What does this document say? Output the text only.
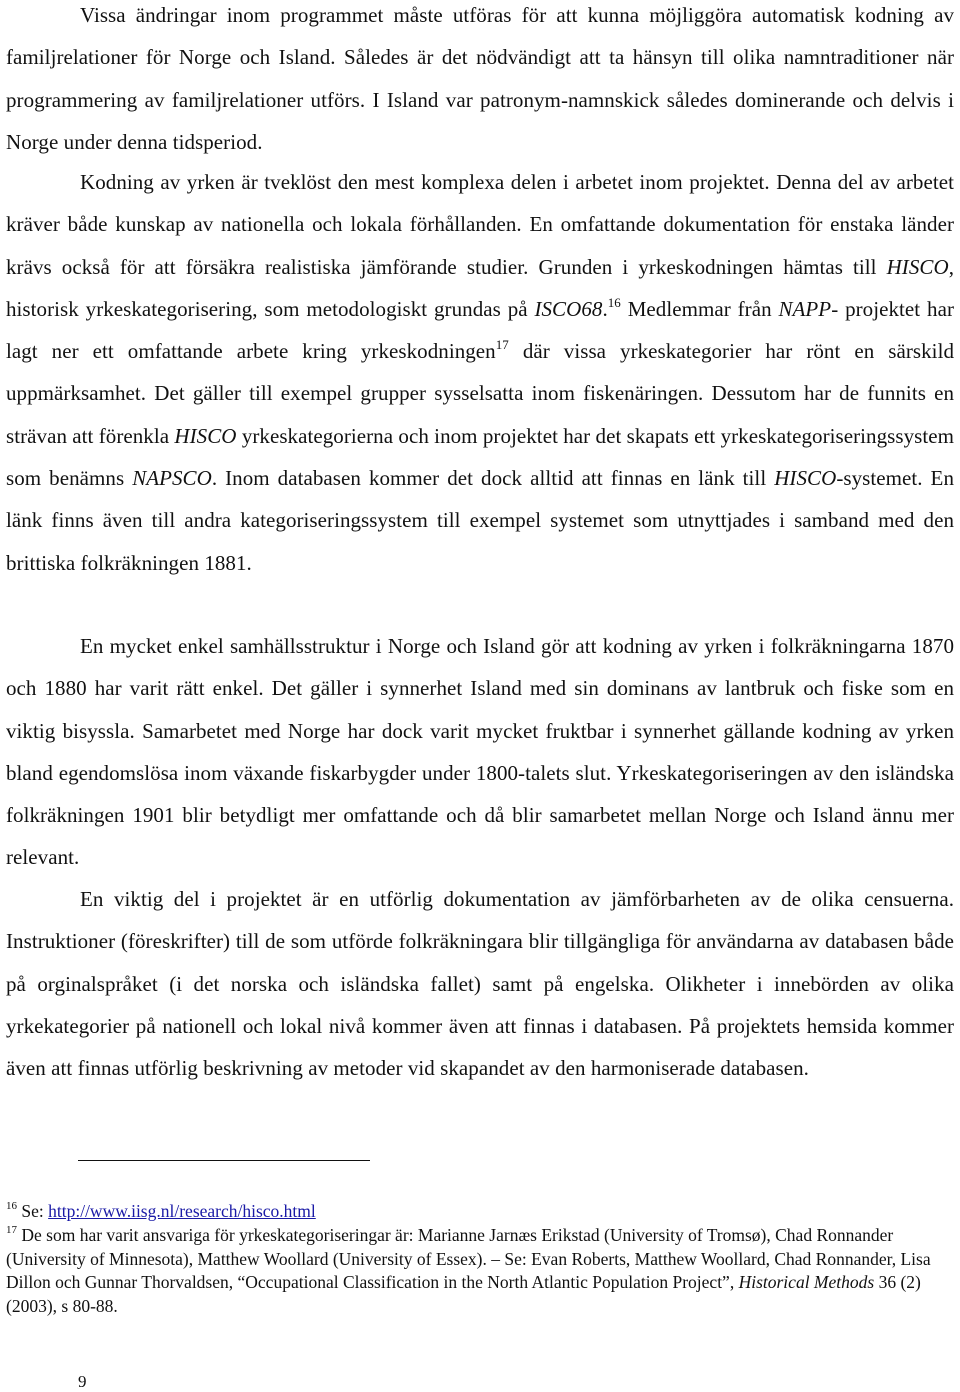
Vissa ändringar inom programmet måste utföras för att kunna möjliggöra automatisk kodning av familjrelationer för Norge och Island. Således är det nödvändigt att ta hänsyn till olika namntraditioner när programmering av familjrelationer utförs. I Island var patronym-namnskick således dominerande och delvis i Norge under denna tidsperiod.

Kodning av yrken är tveklöst den mest komplexa delen i arbetet inom projektet. Denna del av arbetet kräver både kunskap av nationella och lokala förhållanden. En omfattande dokumentation för enstaka länder krävs också för att försäkra realistiska jämförande studier. Grunden i yrkeskodningen hämtas till HISCO, historisk yrkeskategorisering, som metodologiskt grundas på ISCO68.16 Medlemmar från NAPP- projektet har lagt ner ett omfattande arbete kring yrkeskodningen$^{17}$ där vissa yrkeskategorier har rönt en särskild uppmärksamhet. Det gäller till exempel grupper sysselsatta inom fiskenäringen. Dessutom har de funnits en strävan att förenkla HISCO yrkeskategorierna och inom projektet har det skapats ett yrkeskategoriseringssystem som benämns NAPSCO. Inom databasen kommer det dock alltid att finnas en länk till HISCO-systemet. En länk finns även till andra kategoriseringssystem till exempel systemet som utnyttjades i samband med den brittiska folkräkningen 1881.

En mycket enkel samhällsstruktur i Norge och Island gör att kodning av yrken i folkräkningarna 1870 och 1880 har varit rätt enkel. Det gäller i synnerhet Island med sin dominans av lantbruk och fiske som en viktig bisyssla. Samarbetet med Norge har dock varit mycket fruktbar i synnerhet gällande kodning av yrken bland egendomslösa inom växande fiskarbygder under 1800-talets slut. Yrkeskategoriseringen av den isländska folkräkningen 1901 blir betydligt mer omfattande och då blir samarbetet mellan Norge och Island ännu mer relevant.

En viktig del i projektet är en utförlig dokumentation av jämförbarheten av de olika censuerna. Instruktioner (föreskrifter) till de som utförde folkräkningara blir tillgängliga för användarna av databasen både på orginalspråket (i det norska och isländska fallet) samt på engelska. Olikheter i innebörden av olika yrkekategorier på nationell och lokal nivå kommer även att finnas i databasen. På projektets hemsida kommer även att finnas utförlig beskrivning av metoder vid skapandet av den harmoniserade databasen.

$^{16}$ Se: http://www.iisg.nl/research/hisco.html
$^{17}$ De som har varit ansvariga för yrkeskategoriseringar är: Marianne Jarnæs Erikstad (University of Tromsø), Chad Ronnander (University of Minnesota), Matthew Woollard (University of Essex). – Se: Evan Roberts, Matthew Woollard, Chad Ronnander, Lisa Dillon och Gunnar Thorvaldsen, “Occupational Classification in the North Atlantic Population Project”, Historical Methods 36 (2) (2003), s 80-88.
9
